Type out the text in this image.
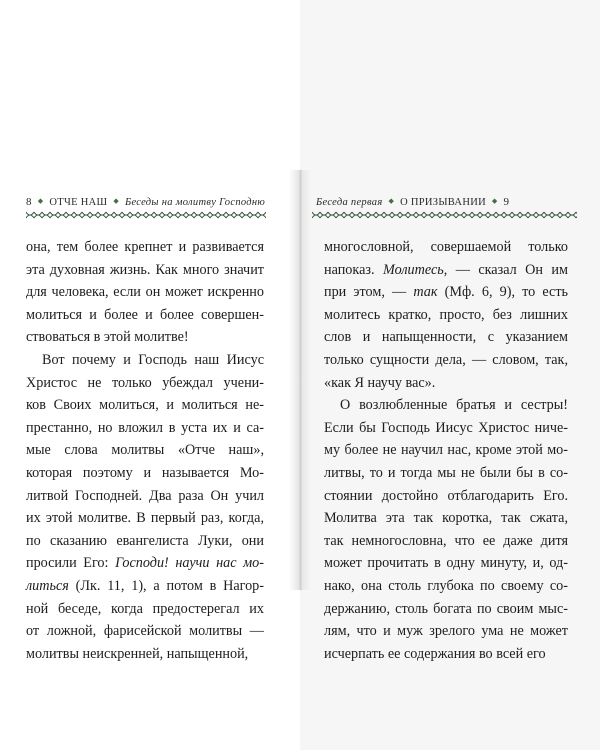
8 ◆ ОТЧЕ НАШ ◆ Беседы на молитву Господню	Беседа первая ◆ О ПРИЗЫВАНИИ ◆ 9
она, тем более крепнет и развивается
эта духовная жизнь. Как много значит
для человека, если он может искренно
молиться и более и более совершен-
ствоваться в этой молитве!
Вот почему и Господь наш Иисус
Христос не только убеждал учени-
ков Своих молиться, и молиться не-
престанно, но вложил в уста их и са-
мые слова молитвы «Отче наш»,
которая поэтому и называется Мо-
литвой Господней. Два раза Он учил
их этой молитве. В первый раз, когда,
по сказанию евангелиста Луки, они
просили Его: Господи! научи нас мо-
литься (Лк. 11, 1), а потом в Нагор-
ной беседе, когда предостерегал их
от ложной, фарисейской молитвы —
молитвы неискренней, напыщенной,
многословной, совершаемой только
напоказ. Молитесь, — сказал Он им
при этом, — так (Мф. 6, 9), то есть
молитесь кратко, просто, без лишних
слов и напыщенности, с указанием
только сущности дела, — словом, так,
«как Я научу вас».
О возлюбленные братья и сестры!
Если бы Господь Иисус Христос ниче-
му более не научил нас, кроме этой мо-
литвы, то и тогда мы не были бы в со-
стоянии достойно отблагодарить Его.
Молитва эта так коротка, так сжата,
так немногословна, что ее даже дитя
может прочитать в одну минуту, и, од-
нако, она столь глубока по своему со-
держанию, столь богата по своим мыс-
лям, что и муж зрелого ума не может
исчерпать ее содержания во всей его
